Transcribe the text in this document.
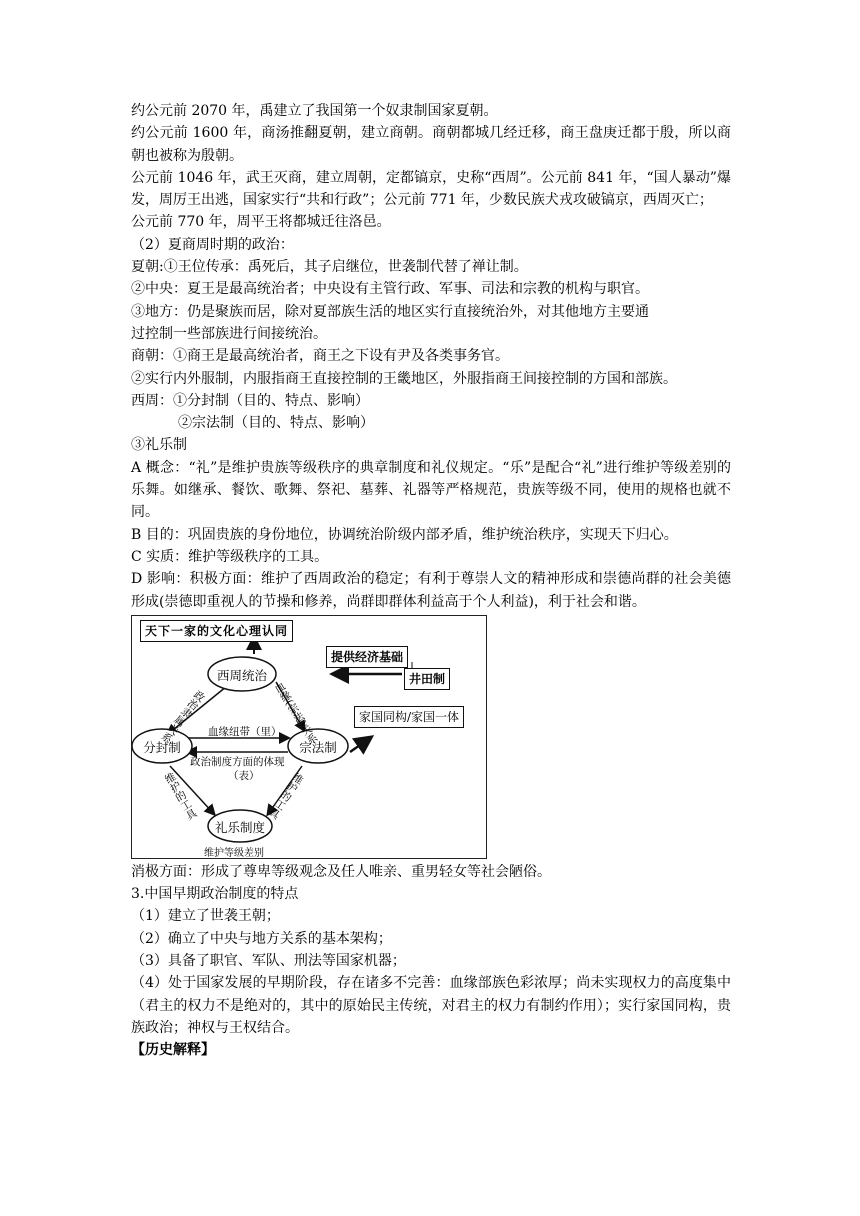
约公元前 2070 年，禹建立了我国第一个奴隶制国家夏朝。
约公元前 1600 年，商汤推翻夏朝，建立商朝。商朝都城几经迁移，商王盘庚迁都于殷，所以商朝也被称为殷朝。
公元前 1046 年，武王灭商，建立周朝，定都镐京，史称“西周”。公元前 841 年，“国人暴动”爆发，周厉王出逃，国家实行“共和行政”；公元前 771 年，少数民族犬戎攻破镐京，西周灭亡；
公元前 770 年，周平王将都城迁往洛邑。
（2）夏商周时期的政治：
夏朝:①王位传承：禹死后，其子启继位，世袭制代替了禅让制。
②中央：夏王是最高统治者；中央设有主管行政、军事、司法和宗教的机构与职官。
③地方：仍是聚族而居，除对夏部族生活的地区实行直接统治外，对其他地方主要通
过控制一些部族进行间接统治。
商朝：①商王是最高统治者，商王之下设有尹及各类事务官。
②实行内外服制，内服指商王直接控制的王畿地区，外服指商王间接控制的方国和部族。
西周：①分封制（目的、特点、影响）
②宗法制（目的、特点、影响）
③礼乐制
A 概念：“礼”是维护贵族等级秩序的典章制度和礼仪规定。“乐”是配合“礼”进行维护等级差别的乐舞。如继承、餐饮、歌舞、祭祀、墓葬、礼器等严格规范，贵族等级不同，使用的规格也就不同。
B 目的：巩固贵族的身份地位，协调统治阶级内部矛盾，维护统治秩序，实现天下归心。
C 实质：维护等级秩序的工具。
D 影响：积极方面：维护了西周政治的稳定；有利于尊崇人文的精神形成和崇德尚群的社会美德形成(崇德即重视人的节操和修养，尚群即群体利益高于个人利益)，利于社会和谐。
天下一家的文化心理认同
提供经济基础
井田制
家国同构/家国一体
西周统治
分封制	宗法制
礼乐制度
政治隶属关系	血缘(宗法)关系
血缘纽带（里）
政治制度方面的体现
（表）
维护的工具	维护的工具
维护等级差别
消极方面：形成了尊卑等级观念及任人唯亲、重男轻女等社会陋俗。
3.中国早期政治制度的特点
（1）建立了世袭王朝；
（2）确立了中央与地方关系的基本架构；
（3）具备了职官、军队、刑法等国家机器；
（4）处于国家发展的早期阶段，存在诸多不完善：血缘部族色彩浓厚；尚未实现权力的高度集中（君主的权力不是绝对的，其中的原始民主传统，对君主的权力有制约作用）；实行家国同构，贵族政治；神权与王权结合。
【历史解释】
